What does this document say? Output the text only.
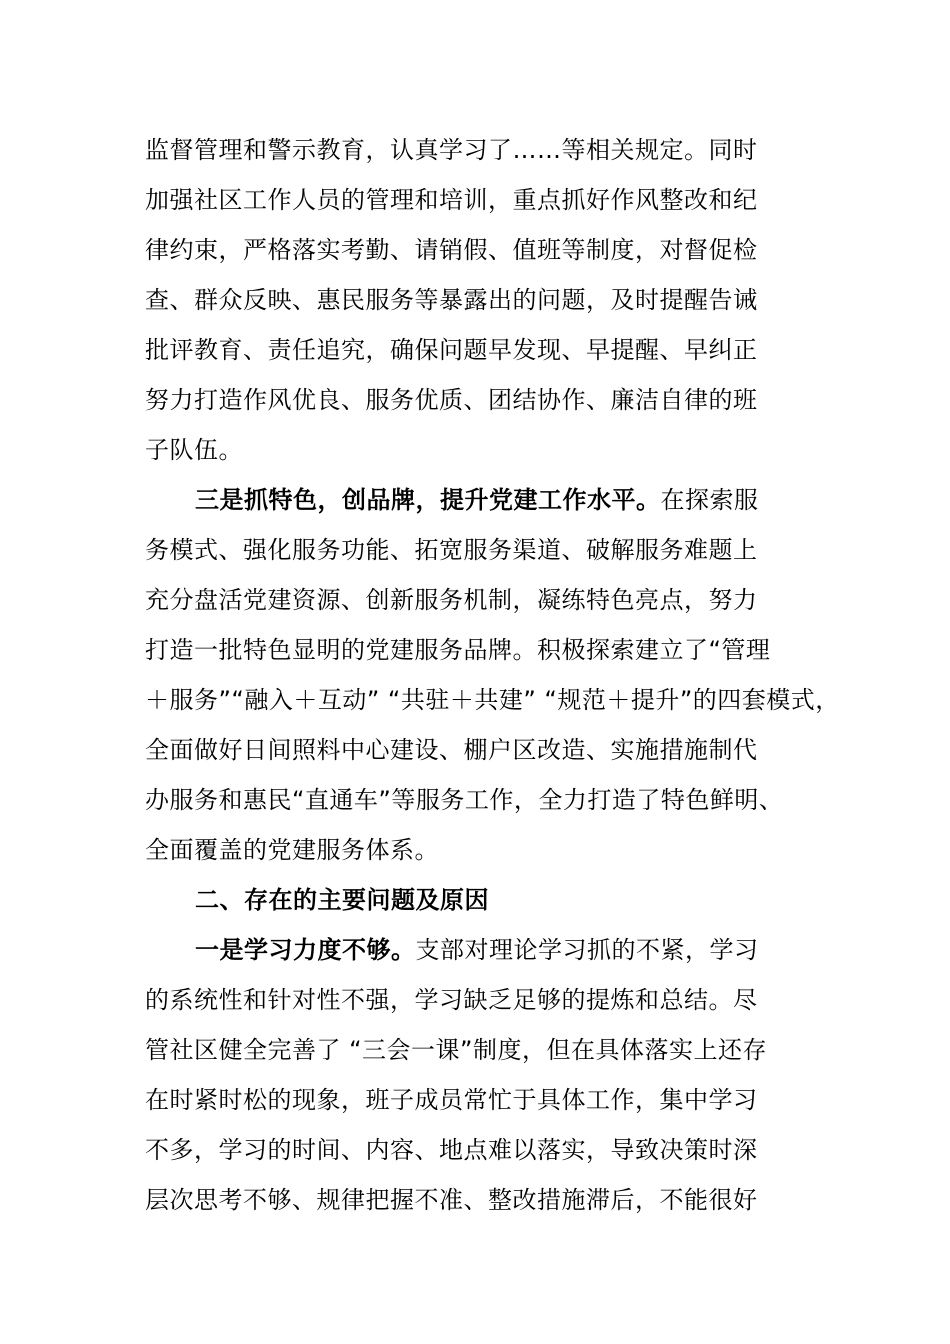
监督管理和警示教育，认真学习了……等相关规定。同时
加强社区工作人员的管理和培训，重点抓好作风整改和纪
律约束，严格落实考勤、请销假、值班等制度，对督促检
查、群众反映、惠民服务等暴露出的问题，及时提醒告诫
批评教育、责任追究，确保问题早发现、早提醒、早纠正
努力打造作风优良、服务优质、团结协作、廉洁自律的班
子队伍。
三是抓特色，创品牌，提升党建工作水平。在探索服
务模式、强化服务功能、拓宽服务渠道、破解服务难题上
充分盘活党建资源、创新服务机制，凝练特色亮点，努力
打造一批特色显明的党建服务品牌。积极探索建立了“管理
＋服务”“融入＋互动” “共驻＋共建” “规范＋提升”的四套模式，
全面做好日间照料中心建设、棚户区改造、实施措施制代
办服务和惠民“直通车”等服务工作，全力打造了特色鲜明、
全面覆盖的党建服务体系。
二、存在的主要问题及原因
一是学习力度不够。支部对理论学习抓的不紧，学习
的系统性和针对性不强，学习缺乏足够的提炼和总结。尽
管社区健全完善了 “三会一课”制度，但在具体落实上还存
在时紧时松的现象，班子成员常忙于具体工作，集中学习
不多，学习的时间、内容、地点难以落实，导致决策时深
层次思考不够、规律把握不准、整改措施滞后，不能很好
